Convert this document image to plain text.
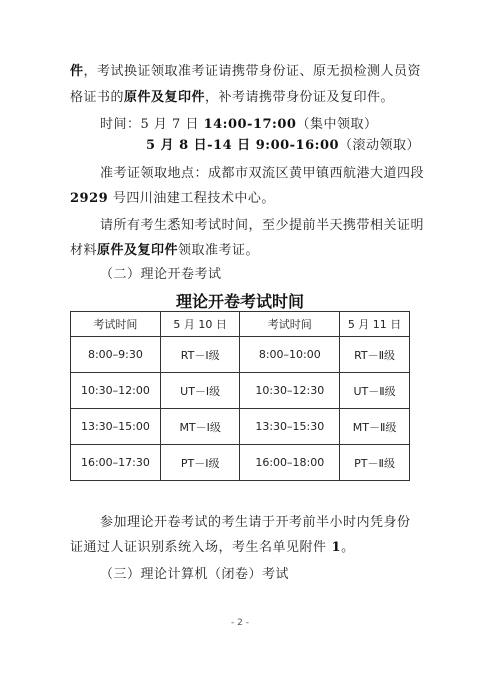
件，考试换证领取准考证请携带身份证、原无损检测人员资
格证书的原件及复印件，补考请携带身份证及复印件。
时间：5 月 7 日 14:00-17:00（集中领取）
5 月 8 日-14 日 9:00-16:00（滚动领取）
准考证领取地点：成都市双流区黄甲镇西航港大道四段
2929 号四川油建工程技术中心。
请所有考生悉知考试时间，至少提前半天携带相关证明
材料原件及复印件领取准考证。
（二）理论开卷考试
理论开卷考试时间
考试时间	5 月 10 日	考试时间	5 月 11 日
8:00–9:30	RT－Ⅰ级	8:00–10:00	RT－Ⅱ级
10:30–12:00	UT－Ⅰ级	10:30–12:30	UT－Ⅱ级
13:30–15:00	MT－Ⅰ级	13:30–15:30	MT－Ⅱ级
16:00–17:30	PT－Ⅰ级	16:00–18:00	PT－Ⅱ级
参加理论开卷考试的考生请于开考前半小时内凭身份
证通过人证识别系统入场，考生名单见附件 1。
（三）理论计算机（闭卷）考试
- 2 -
